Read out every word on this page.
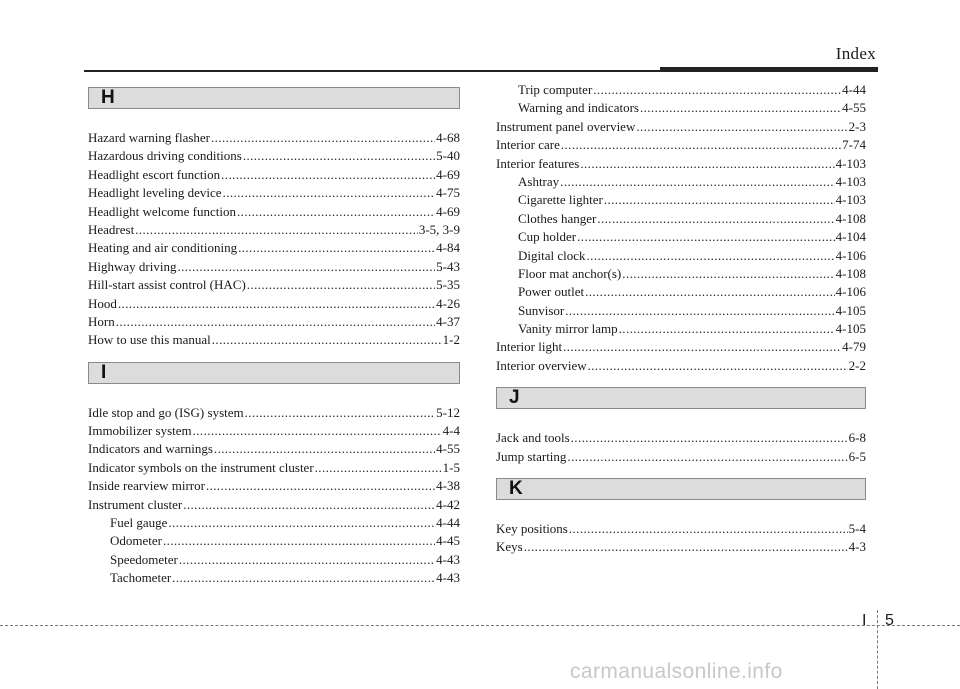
Index
H
Hazard warning flasher .....	4-68
Hazardous driving conditions .....	5-40
Headlight escort function .....	4-69
Headlight leveling device .....	4-75
Headlight welcome function .....	4-69
Headrest .....	3-5, 3-9
Heating and air conditioning .....	4-84
Highway driving .....	5-43
Hill-start assist control (HAC) .....	5-35
Hood .....	4-26
Horn .....	4-37
How to use this manual .....	1-2
I
Idle stop and go (ISG) system .....	5-12
Immobilizer system .....	4-4
Indicators and warnings .....	4-55
Indicator symbols on the instrument cluster .....	1-5
Inside rearview mirror .....	4-38
Instrument cluster .....	4-42
Fuel gauge .....	4-44
Odometer .....	4-45
Speedometer .....	4-43
Tachometer .....	4-43
Trip computer .....	4-44
Warning and indicators .....	4-55
Instrument panel overview .....	2-3
Interior care .....	7-74
Interior features .....	4-103
Ashtray .....	4-103
Cigarette lighter .....	4-103
Clothes hanger .....	4-108
Cup holder .....	4-104
Digital clock .....	4-106
Floor mat anchor(s) .....	4-108
Power outlet .....	4-106
Sunvisor .....	4-105
Vanity mirror lamp .....	4-105
Interior light .....	4-79
Interior overview .....	2-2
J
Jack and tools .....	6-8
Jump starting .....	6-5
K
Key positions .....	5-4
Keys .....	4-3
I 5
carmanualsonline.info
